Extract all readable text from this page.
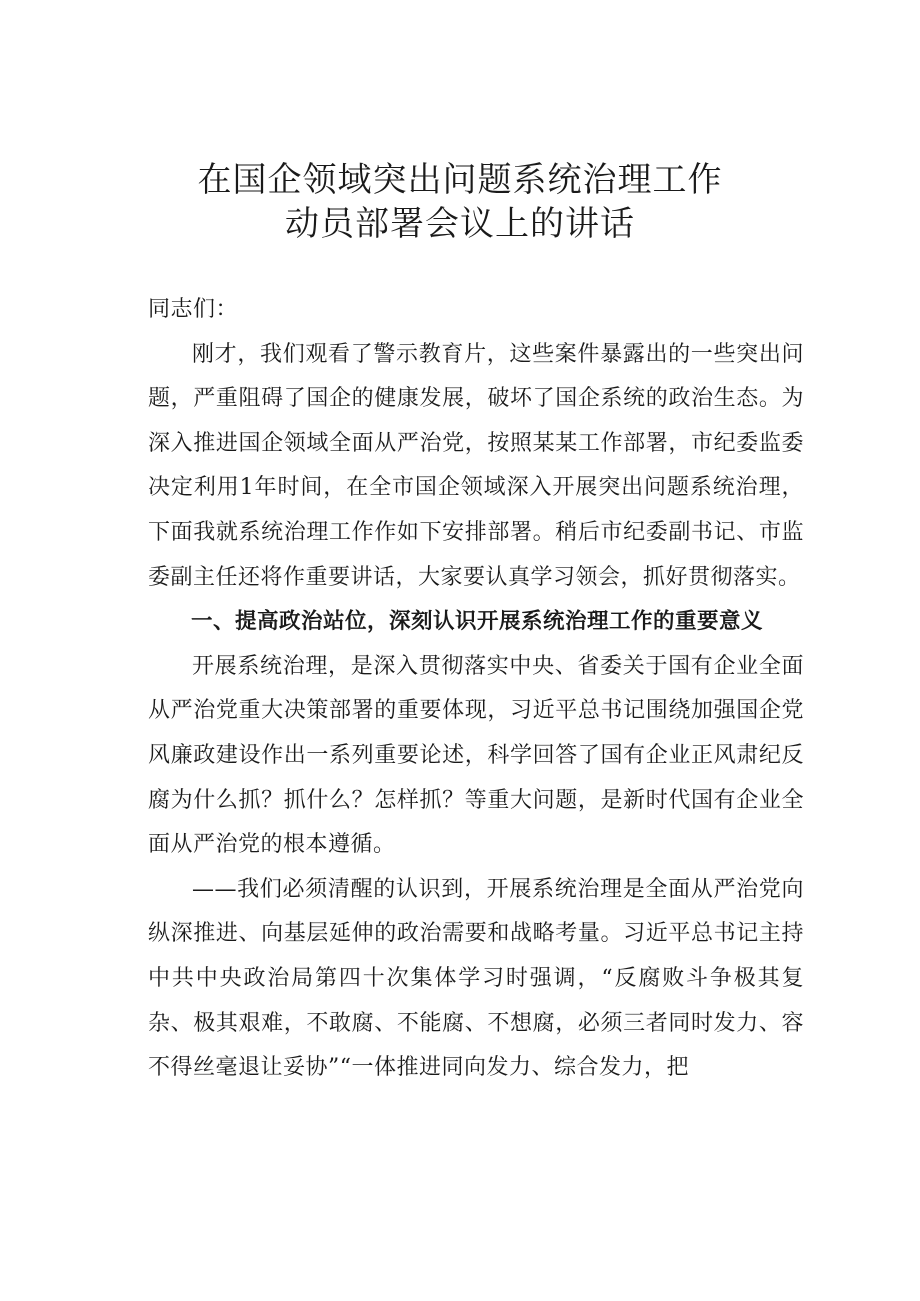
在国企领域突出问题系统治理工作
动员部署会议上的讲话

同志们：

刚才，我们观看了警示教育片，这些案件暴露出的一些突出问题，严重阻碍了国企的健康发展，破坏了国企系统的政治生态。为深入推进国企领域全面从严治党，按照某某工作部署，市纪委监委决定利用1年时间，在全市国企领域深入开展突出问题系统治理，下面我就系统治理工作作如下安排部署。稍后市纪委副书记、市监委副主任还将作重要讲话，大家要认真学习领会，抓好贯彻落实。

一、提高政治站位，深刻认识开展系统治理工作的重要意义

开展系统治理，是深入贯彻落实中央、省委关于国有企业全面从严治党重大决策部署的重要体现，习近平总书记围绕加强国企党风廉政建设作出一系列重要论述，科学回答了国有企业正风肃纪反腐为什么抓？抓什么？怎样抓？等重大问题，是新时代国有企业全面从严治党的根本遵循。

——我们必须清醒的认识到，开展系统治理是全面从严治党向纵深推进、向基层延伸的政治需要和战略考量。习近平总书记主持中共中央政治局第四十次集体学习时强调，“反腐败斗争极其复杂、极其艰难，不敢腐、不能腐、不想腐，必须三者同时发力、容不得丝毫退让妥协”“一体推进同向发力、综合发力，把
